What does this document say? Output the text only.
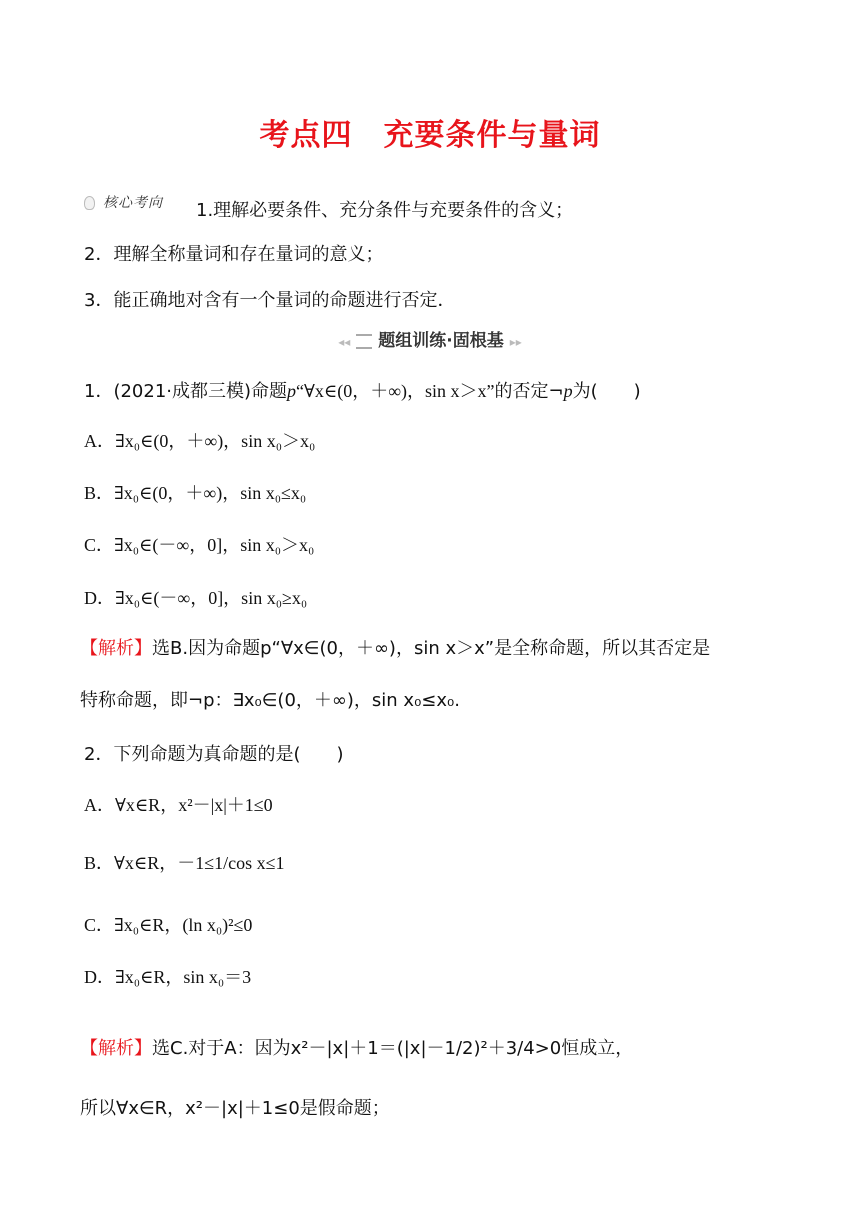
考点四　充要条件与量词
核心考向 1.理解必要条件、充分条件与充要条件的含义；
2．理解全称量词和存在量词的意义；
3．能正确地对含有一个量词的命题进行否定．
◂◂ 题组训练·固根基 ▸▸
1．(2021·成都三模)命题p“∀x∈(0，＋∞)，sin x＞x”的否定¬p为(　　)
A．∃x₀∈(0，＋∞)，sin x₀＞x₀
B．∃x₀∈(0，＋∞)，sin x₀≤x₀
C．∃x₀∈(－∞，0]，sin x₀＞x₀
D．∃x₀∈(－∞，0]，sin x₀≥x₀
【解析】选B.因为命题p“∀x∈(0，＋∞)，sin x＞x”是全称命题，所以其否定是
特称命题，即¬p：∃x₀∈(0，＋∞)，sin x₀≤x₀.
2．下列命题为真命题的是(　　)
A．∀x∈R，x²－|x|＋1≤0
B．∀x∈R，－1≤1/cos x≤1
C．∃x₀∈R，(ln x₀)²≤0
D．∃x₀∈R，sin x₀＝3
【解析】选C.对于A：因为x²－|x|＋1＝(|x|－1/2)²＋3/4>0恒成立，
所以∀x∈R，x²－|x|＋1≤0是假命题；
